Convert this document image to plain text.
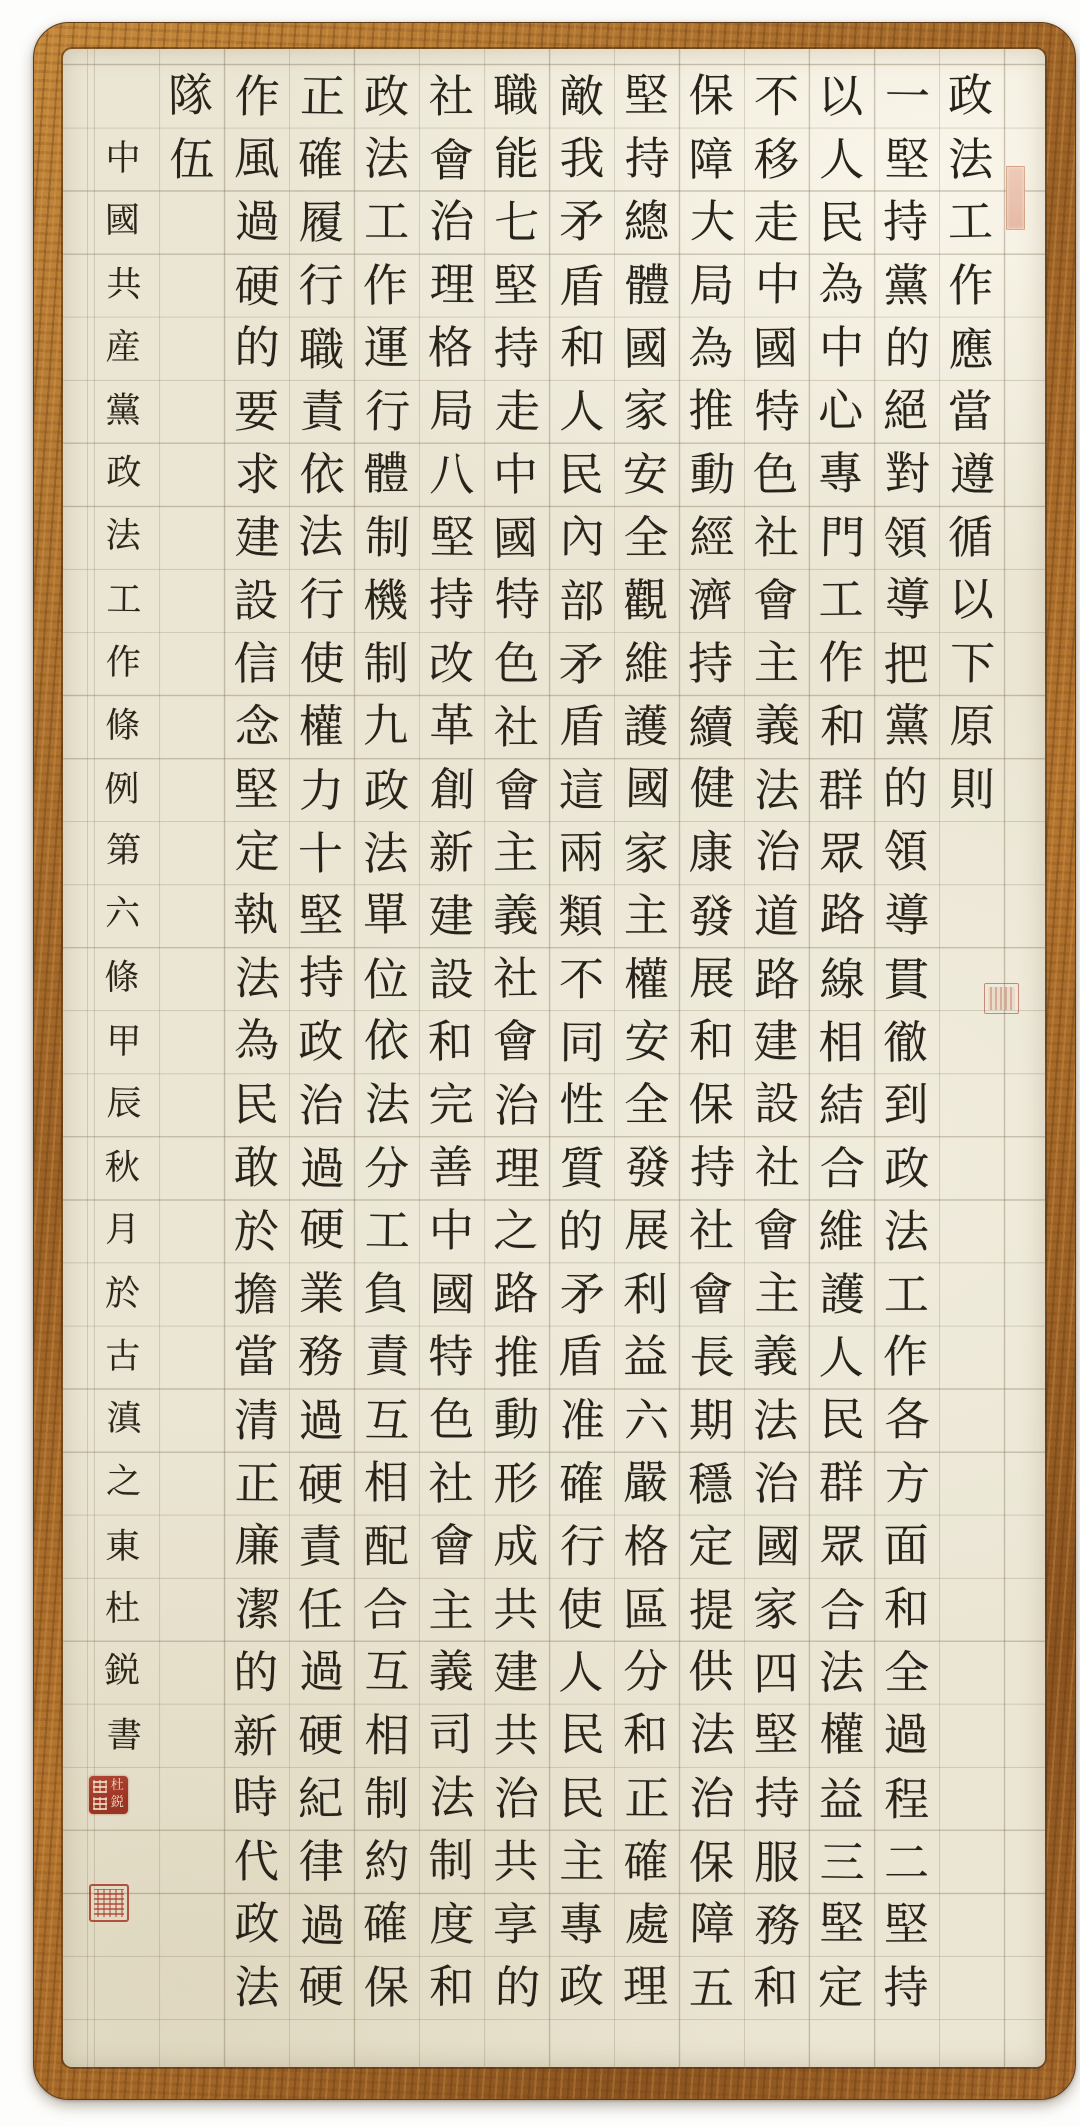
政
法
工
作
應
當
遵
循
以
下
原
則
一
堅
持
黨
的
絕
對
領
導
把
黨
的
領
導
貫
徹
到
政
法
工
作
各
方
面
和
全
過
程
二
堅
持
以
人
民
為
中
心
專
門
工
作
和
群
眾
路
線
相
結
合
維
護
人
民
群
眾
合
法
權
益
三
堅
定
不
移
走
中
國
特
色
社
會
主
義
法
治
道
路
建
設
社
會
主
義
法
治
國
家
四
堅
持
服
務
和
保
障
大
局
為
推
動
經
濟
持
續
健
康
發
展
和
保
持
社
會
長
期
穩
定
提
供
法
治
保
障
五
堅
持
總
體
國
家
安
全
觀
維
護
國
家
主
權
安
全
發
展
利
益
六
嚴
格
區
分
和
正
確
處
理
敵
我
矛
盾
和
人
民
內
部
矛
盾
這
兩
類
不
同
性
質
的
矛
盾
准
確
行
使
人
民
民
主
專
政
職
能
七
堅
持
走
中
國
特
色
社
會
主
義
社
會
治
理
之
路
推
動
形
成
共
建
共
治
共
享
的
社
會
治
理
格
局
八
堅
持
改
革
創
新
建
設
和
完
善
中
國
特
色
社
會
主
義
司
法
制
度
和
政
法
工
作
運
行
體
制
機
制
九
政
法
單
位
依
法
分
工
負
責
互
相
配
合
互
相
制
約
確
保
正
確
履
行
職
責
依
法
行
使
權
力
十
堅
持
政
治
過
硬
業
務
過
硬
責
任
過
硬
紀
律
過
硬
作
風
過
硬
的
要
求
建
設
信
念
堅
定
執
法
為
民
敢
於
擔
當
清
正
廉
潔
的
新
時
代
政
法
隊
伍
中
國
共
産
黨
政
法
工
作
條
例
第
六
條
甲
辰
秋
月
於
古
滇
之
東
杜
鋭
書
杜
鋭
